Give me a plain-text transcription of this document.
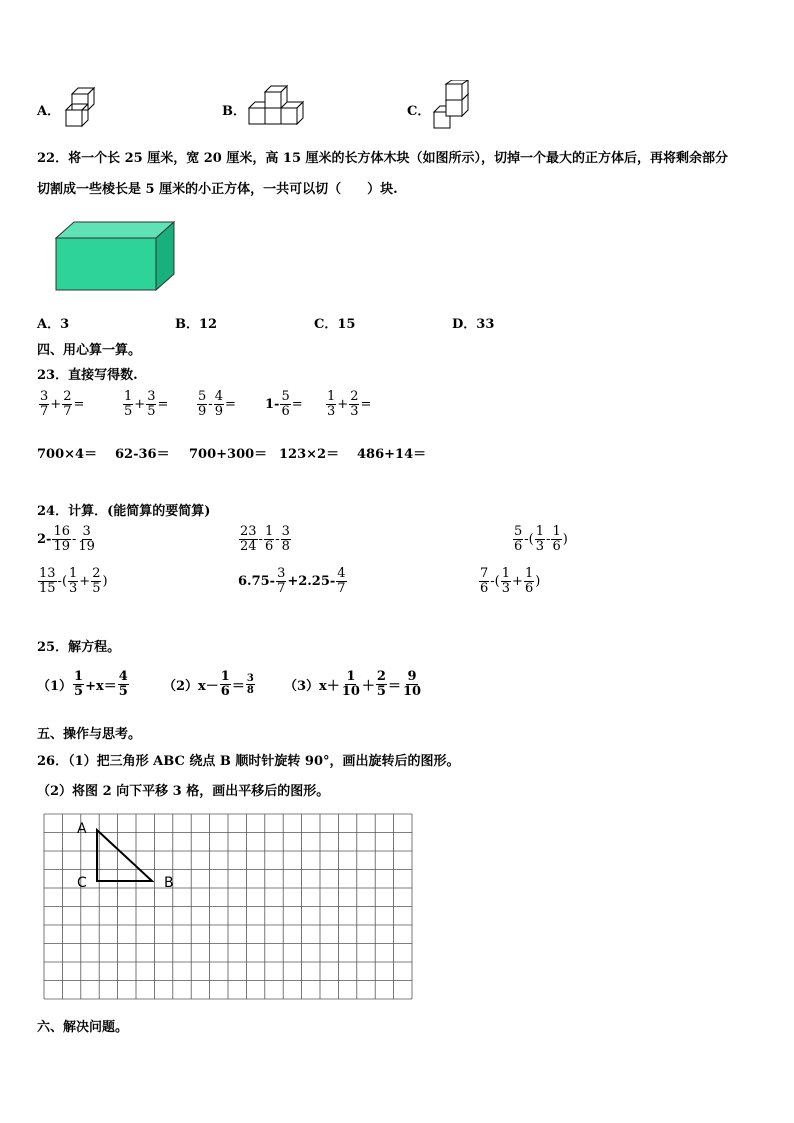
A．	B．	C．
22．将一个长 25 厘米，宽 20 厘米，高 15 厘米的长方体木块（如图所示），切掉一个最大的正方体后，再将剩余部分
切割成一些棱长是 5 厘米的小正方体，一共可以切（　　）块.
A．3	B．12	C．15	D．33
四、用心算一算。
23．直接写得数.
$\frac{3}{7} + \frac{2}{7}$ =	$\frac{1}{5} + \frac{3}{5} = \frac{5}{9} - \frac{4}{9} = 1- \frac{5}{6} = \frac{1}{3} + \frac{2}{3}$ =
700×4＝ 62-36＝ 700+300＝ 123×2＝ 486+14＝
24．计算．(能简算的要简算)
$2- \frac{16}{19} - \frac{3}{19}$	$\frac{23}{24} - \frac{1}{6} - \frac{3}{8}$	$\frac{5}{6}$ -( $\frac{1}{3} - \frac{1}{6}$ )
$\frac{13}{15}$ -( $\frac{1}{3} + \frac{2}{5}$ )	$6.75- \frac{3}{7} +2.25- \frac{4}{7}$	$\frac{7}{6}$ -( $\frac{1}{3} + \frac{1}{6}$ )
25．解方程。
$(1) \frac{1}{5} +x= \frac{4}{5}$	$(2)x- \frac{1}{6} = \frac{3}{8} (3)x+ \frac{1}{10} + \frac{2}{5} = \frac{9}{10}$
五、操作与思考。
26．（1）把三角形 ABC 绕点 B 顺时针旋转 90°，画出旋转后的图形。
（2）将图 2 向下平移 3 格，画出平移后的图形。
A
C	B
六、解决问题。
